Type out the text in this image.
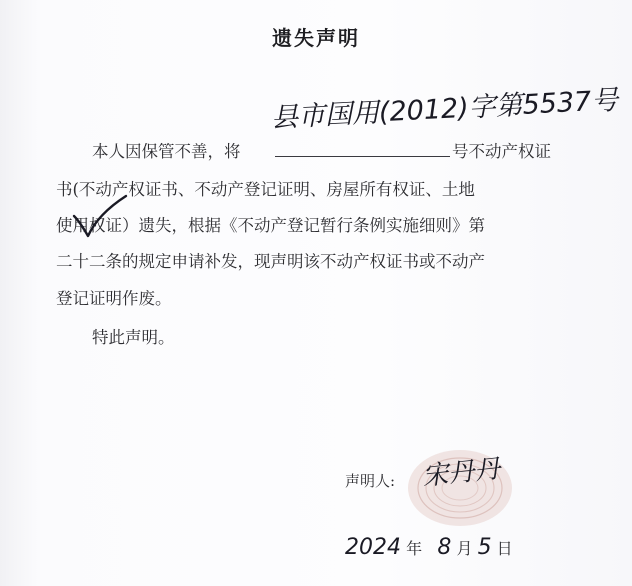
遗失声明
本人因保管不善，将
县市国用(2012)字第5537号
号不动产权证
书(不动产权证书、不动产登记证明、房屋所有权证、土地
使用权证）遗失，根据《不动产登记暂行条例实施细则》第
二十二条的规定申请补发，现声明该不动产权证书或不动产
登记证明作废。
特此声明。
声明人: 宋丹丹
2024 年 8 月 5 日
